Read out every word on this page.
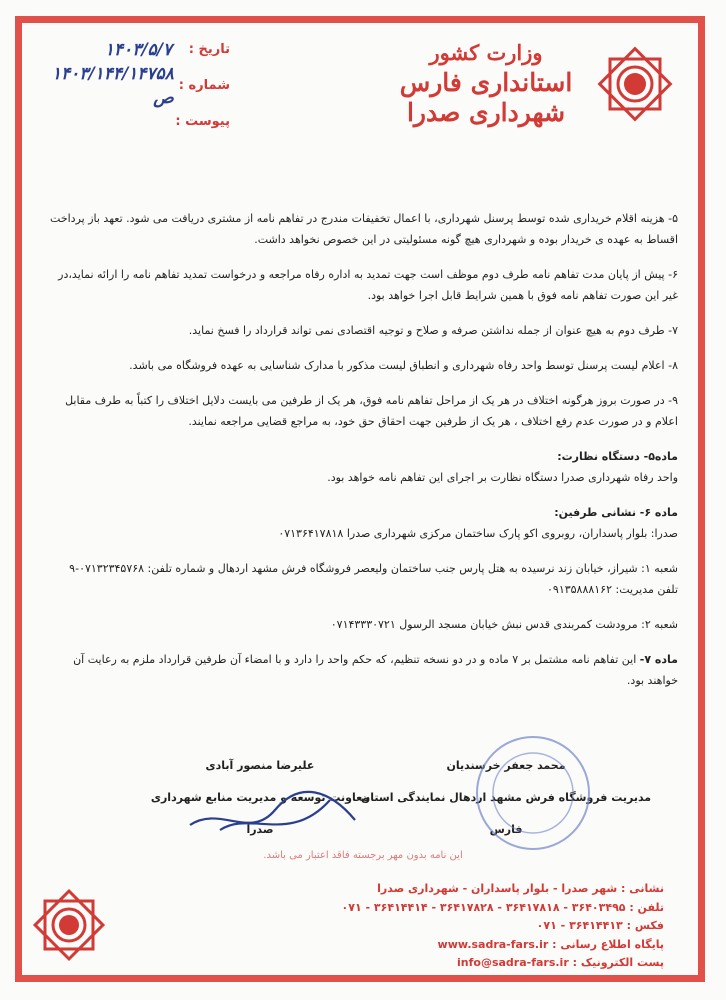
وزارت کشور
استانداری فارس
شهرداری صدرا
تاریخ :
۱۴۰۳/۵/۷
شماره :
۱۴۰۳/۱۴۴/۱۴۷۵۸ ص
پیوست :

۵- هزینه اقلام خریداری شده توسط پرسنل شهرداری، با اعمال تخفیفات مندرج در تفاهم نامه از مشتری دریافت می شود. تعهد باز پرداخت اقساط به عهده ی خریدار بوده و شهرداری هیچ گونه مسئولیتی در این خصوص نخواهد داشت.

۶- پیش از پایان مدت تفاهم نامه طرف دوم موظف است جهت تمدید به اداره رفاه مراجعه و درخواست تمدید تفاهم نامه را ارائه نماید،در غیر این صورت تفاهم نامه فوق با همین شرایط قابل اجرا خواهد بود.

۷- طرف دوم به هیچ عنوان از جمله نداشتن صرفه و صلاح و توجیه اقتصادی نمی تواند قرارداد را فسخ نماید.

۸- اعلام لیست پرسنل توسط واحد رفاه شهرداری و انطباق لیست مذکور با مدارک شناسایی به عهده فروشگاه می باشد.

۹- در صورت بروز هرگونه اختلاف در هر یک از مراحل تفاهم نامه فوق، هر یک از طرفین می بایست دلایل اختلاف را کتباً به طرف مقابل اعلام و در صورت عدم رفع اختلاف ، هر یک از طرفین جهت احقاق حق خود، به مراجع قضایی مراجعه نمایند.

ماده۵- دستگاه نظارت:

واحد رفاه شهرداری صدرا دستگاه نظارت بر اجرای این تفاهم نامه خواهد بود.

ماده ۶- نشانی طرفین:

صدرا: بلوار پاسداران، روبروی اکو پارک ساختمان مرکزی شهرداری صدرا ۰۷۱۳۶۴۱۷۸۱۸

شعبه ۱: شیراز، خیابان زند نرسیده به هتل پارس جنب ساختمان ولیعصر فروشگاه فرش مشهد اردهال و شماره تلفن: ۰۷۱۳۲۳۴۵۷۶۸-۹

تلفن مدیریت: ۰۹۱۳۵۸۸۸۱۶۲

شعبه ۲: مرودشت کمربندی قدس نبش خیابان مسجد الرسول ۰۷۱۴۳۳۳۰۷۲۱

ماده ۷- این تفاهم نامه مشتمل بر ۷ ماده و در دو نسخه تنظیم، که حکم واحد را دارد و با امضاء آن طرفین قرارداد ملزم به رعایت آن خواهند بود.

محمد جعفر خرسندیان
مدیریت فروشگاه فرش مشهد اردهال نمایندگی استان فارس
علیرضا منصور آبادی
معاونت توسعه و مدیریت منابع شهرداری صدرا
این نامه بدون مهر برجسته فاقد اعتبار می باشد.
نشانی : شهر صدرا - بلوار پاسداران - شهرداری صدرا
تلفن : ۳۶۴۰۳۴۹۵ - ۳۶۴۱۷۸۱۸ - ۳۶۴۱۷۸۲۸ - ۳۶۴۱۴۴۱۴ - ۰۷۱
فکس : ۳۶۴۱۴۴۱۳ - ۰۷۱
پایگاه اطلاع رسانی : www.sadra-fars.ir
پست الکترونیک : info@sadra-fars.ir
